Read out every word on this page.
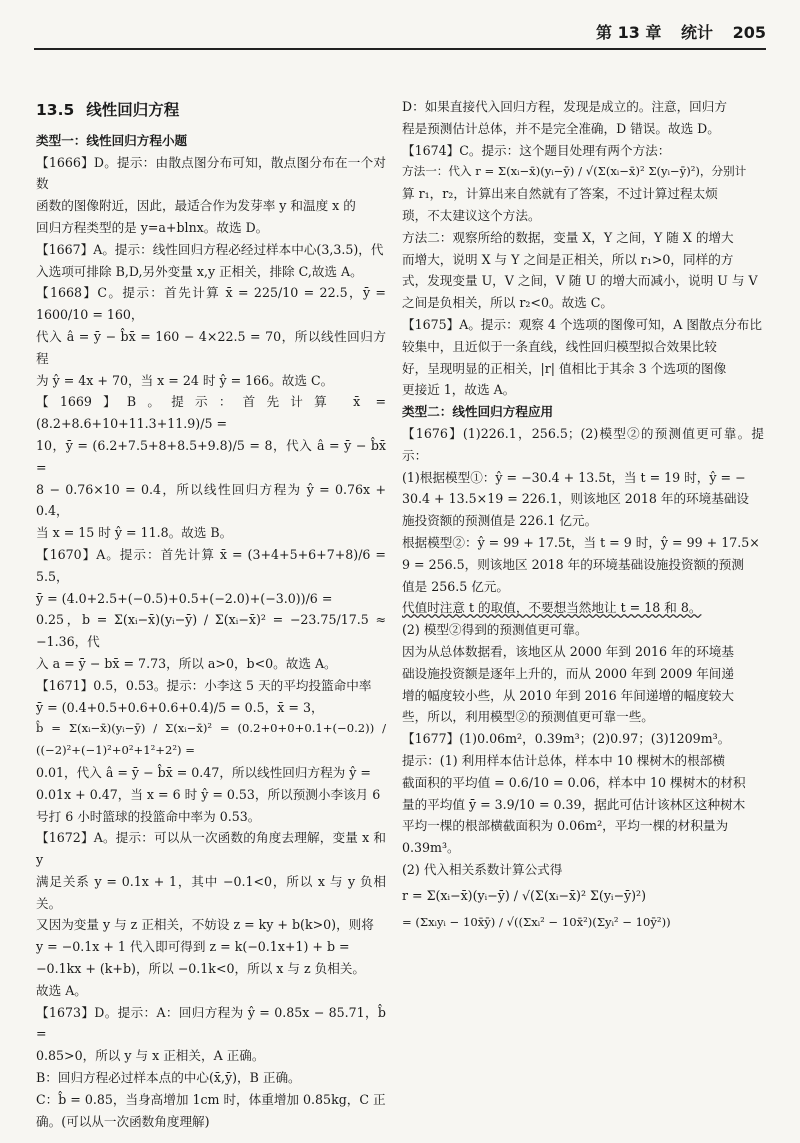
第 13 章 统计 205
13.5 线性回归方程
类型一：线性回归方程小题

【1666】D。提示：由散点图分布可知，散点图分布在一个对数

函数的图像附近，因此，最适合作为发芽率 y 和温度 x 的

回归方程类型的是 y=a+blnx。故选 D。

【1667】A。提示：线性回归方程必经过样本中心(3,3.5)，代

入选项可排除 B,D,另外变量 x,y 正相关，排除 C,故选 A。

【1668】C。提示：首先计算 x̄ = 225/10 = 22.5，ȳ = 1600/10 = 160，

代入 â = ȳ − b̂x̄ = 160 − 4×22.5 = 70，所以线性回归方程

为 ŷ = 4x + 70，当 x = 24 时 ŷ = 166。故选 C。

【1669】B。提示：首先计算 x̄ = (8.2+8.6+10+11.3+11.9)/5 =

10，ȳ = (6.2+7.5+8+8.5+9.8)/5 = 8，代入 â = ȳ − b̂x̄ =

8 − 0.76×10 = 0.4，所以线性回归方程为 ŷ = 0.76x + 0.4，

当 x = 15 时 ŷ = 11.8。故选 B。

【1670】A。提示：首先计算 x̄ = (3+4+5+6+7+8)/6 = 5.5，

ȳ = (4.0+2.5+(−0.5)+0.5+(−2.0)+(−3.0))/6 =

0.25，b = Σ(xᵢ−x̄)(yᵢ−ȳ) / Σ(xᵢ−x̄)² = −23.75/17.5 ≈ −1.36，代

入 a = ȳ − bx̄ = 7.73，所以 a>0，b<0。故选 A。

【1671】0.5，0.53。提示：小李这 5 天的平均投篮命中率

ȳ = (0.4+0.5+0.6+0.6+0.4)/5 = 0.5，x̄ = 3，

b̂ = Σ(xᵢ−x̄)(yᵢ−ȳ) / Σ(xᵢ−x̄)² = (0.2+0+0+0.1+(−0.2)) / ((−2)²+(−1)²+0²+1²+2²) =

0.01，代入 â = ȳ − b̂x̄ = 0.47，所以线性回归方程为 ŷ =

0.01x + 0.47，当 x = 6 时 ŷ = 0.53，所以预测小李该月 6

号打 6 小时篮球的投篮命中率为 0.53。

【1672】A。提示：可以从一次函数的角度去理解，变量 x 和 y

满足关系 y = 0.1x + 1，其中 −0.1<0，所以 x 与 y 负相关。

又因为变量 y 与 z 正相关，不妨设 z = ky + b(k>0)，则将

y = −0.1x + 1 代入即可得到 z = k(−0.1x+1) + b =

−0.1kx + (k+b)，所以 −0.1k<0，所以 x 与 z 负相关。

故选 A。

【1673】D。提示：A：回归方程为 ŷ = 0.85x − 85.71，b̂ =

0.85>0，所以 y 与 x 正相关，A 正确。

B：回归方程必过样本点的中心(x̄,ȳ)，B 正确。

C：b̂ = 0.85，当身高增加 1cm 时，体重增加 0.85kg，C 正

确。(可以从一次函数角度理解)

D：如果直接代入回归方程，发现是成立的。注意，回归方

程是预测估计总体，并不是完全准确，D 错误。故选 D。

【1674】C。提示：这个题目处理有两个方法：

方法一：代入 r = Σ(xᵢ−x̄)(yᵢ−ȳ) / √(Σ(xᵢ−x̄)² Σ(yᵢ−ȳ)²)，分别计

算 r₁，r₂，计算出来自然就有了答案，不过计算过程太烦

琐，不太建议这个方法。

方法二：观察所给的数据，变量 X，Y 之间，Y 随 X 的增大

而增大，说明 X 与 Y 之间是正相关，所以 r₁>0，同样的方

式，发现变量 U，V 之间，V 随 U 的增大而减小，说明 U 与 V

之间是负相关，所以 r₂<0。故选 C。

【1675】A。提示：观察 4 个选项的图像可知，A 图散点分布比

较集中，且近似于一条直线，线性回归模型拟合效果比较

好，呈现明显的正相关，|r| 值相比于其余 3 个选项的图像

更接近 1，故选 A。

类型二：线性回归方程应用

【1676】(1)226.1，256.5；(2)模型②的预测值更可靠。提示：

(1)根据模型①：ŷ = −30.4 + 13.5t，当 t = 19 时，ŷ = −

30.4 + 13.5×19 = 226.1，则该地区 2018 年的环境基础设

施投资额的预测值是 226.1 亿元。

根据模型②：ŷ = 99 + 17.5t，当 t = 9 时，ŷ = 99 + 17.5×

9 = 256.5，则该地区 2018 年的环境基础设施投资额的预测

值是 256.5 亿元。

代值时注意 t 的取值，不要想当然地让 t = 18 和 8。

(2) 模型②得到的预测值更可靠。

因为从总体数据看，该地区从 2000 年到 2016 年的环境基

础设施投资额是逐年上升的，而从 2000 年到 2009 年间递

增的幅度较小些，从 2010 年到 2016 年间递增的幅度较大

些，所以，利用模型②的预测值更可靠一些。

【1677】(1)0.06m²，0.39m³；(2)0.97；(3)1209m³。

提示：(1) 利用样本估计总体，样本中 10 棵树木的根部横

截面积的平均值 = 0.6/10 = 0.06，样本中 10 棵树木的材积

量的平均值 ȳ = 3.9/10 = 0.39，据此可估计该林区这种树木

平均一棵的根部横截面积为 0.06m²，平均一棵的材积量为

0.39m³。

(2) 代入相关系数计算公式得

r = Σ(xᵢ−x̄)(yᵢ−ȳ) / √(Σ(xᵢ−x̄)² Σ(yᵢ−ȳ)²)

= (Σxᵢyᵢ − 10x̄ȳ) / √((Σxᵢ² − 10x̄²)(Σyᵢ² − 10ȳ²))
